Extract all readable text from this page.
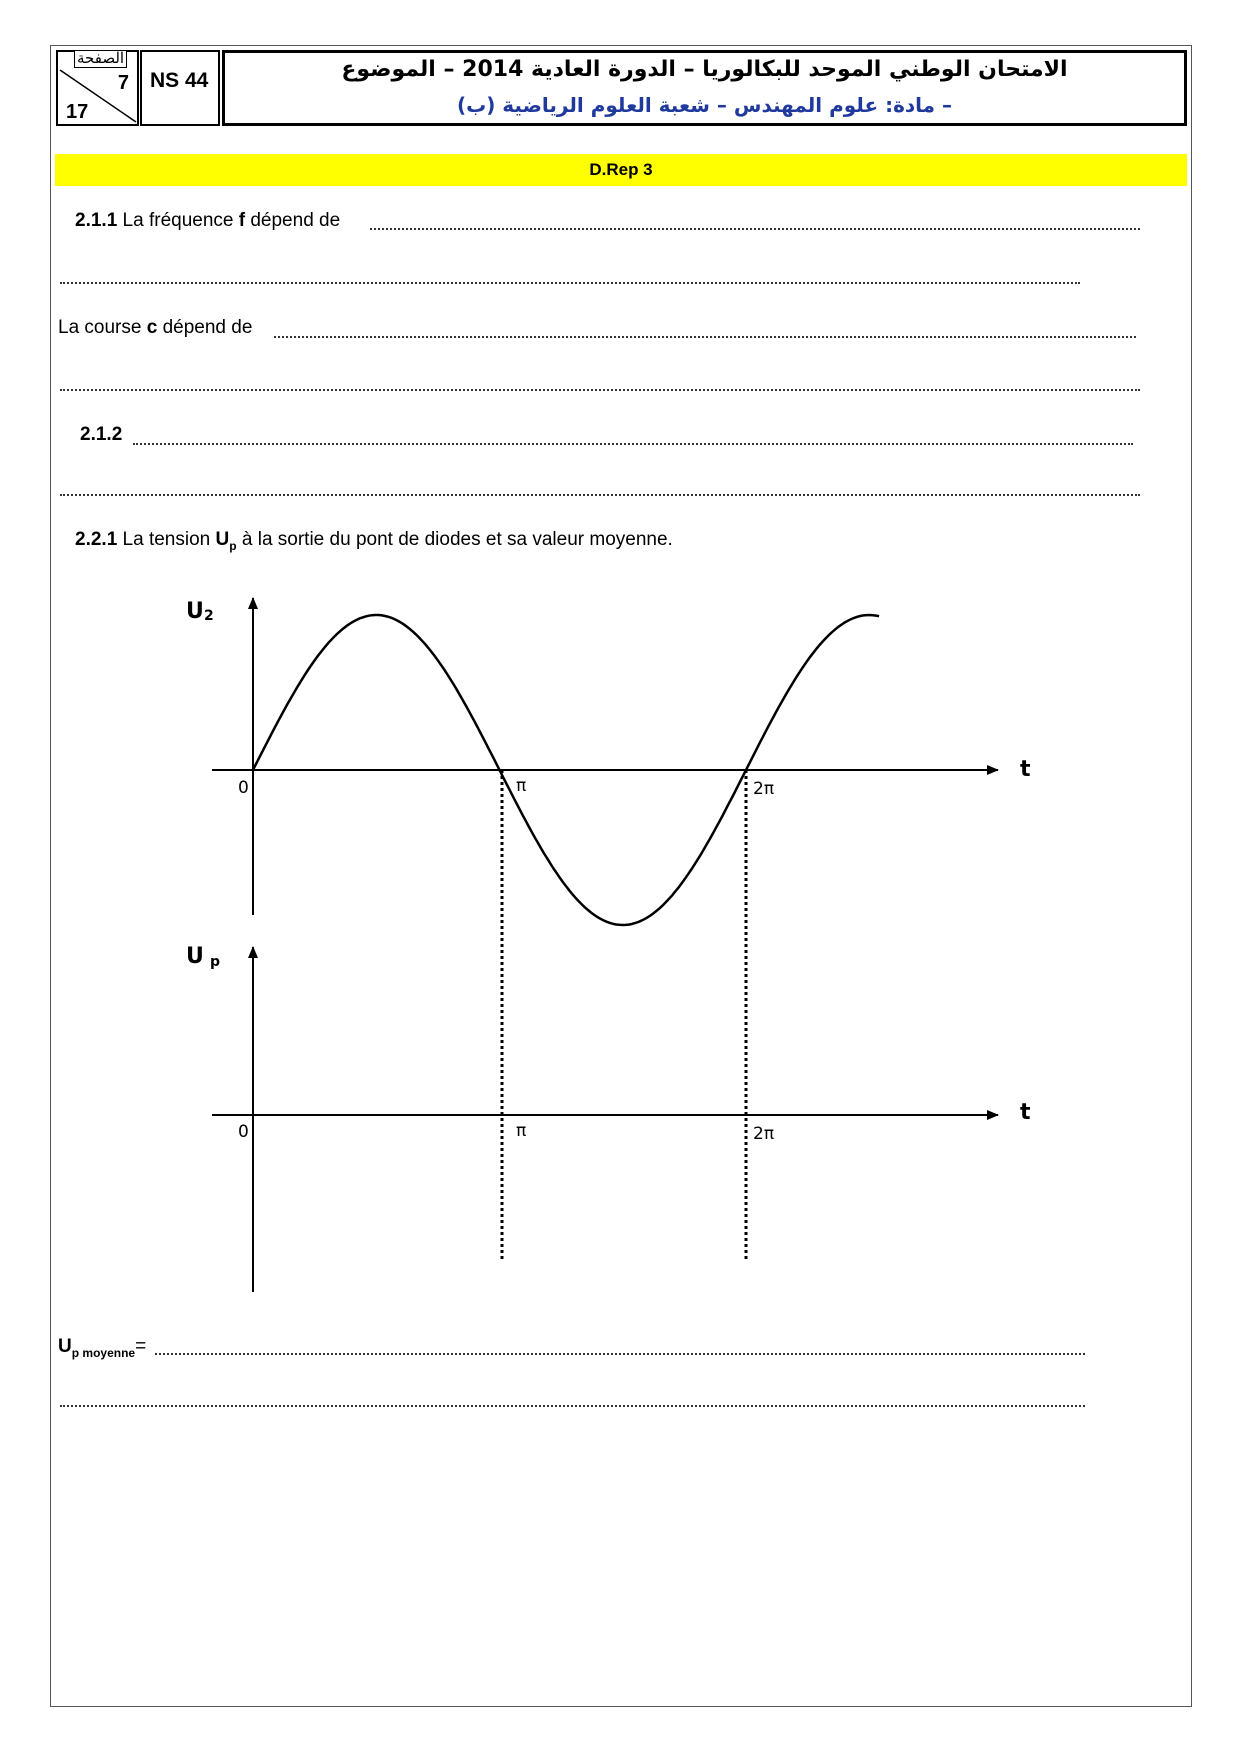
الصفحة
7
17
NS 44	الامتحان الوطني الموحد للبكالوريا – الدورة العادية 2014 – الموضوع
– مادة: علوم المهندس – شعبة العلوم الرياضية (ب)
D.Rep 3
2.1.1 La fréquence f dépend de
La course c dépend de
2.1.2
2.2.1 La tension $U_p$ à la sortie du pont de diodes et sa valeur moyenne.
U 2
t
0	π	2π
U p
t
0	π	2π
$U_{p moyenne}=$
